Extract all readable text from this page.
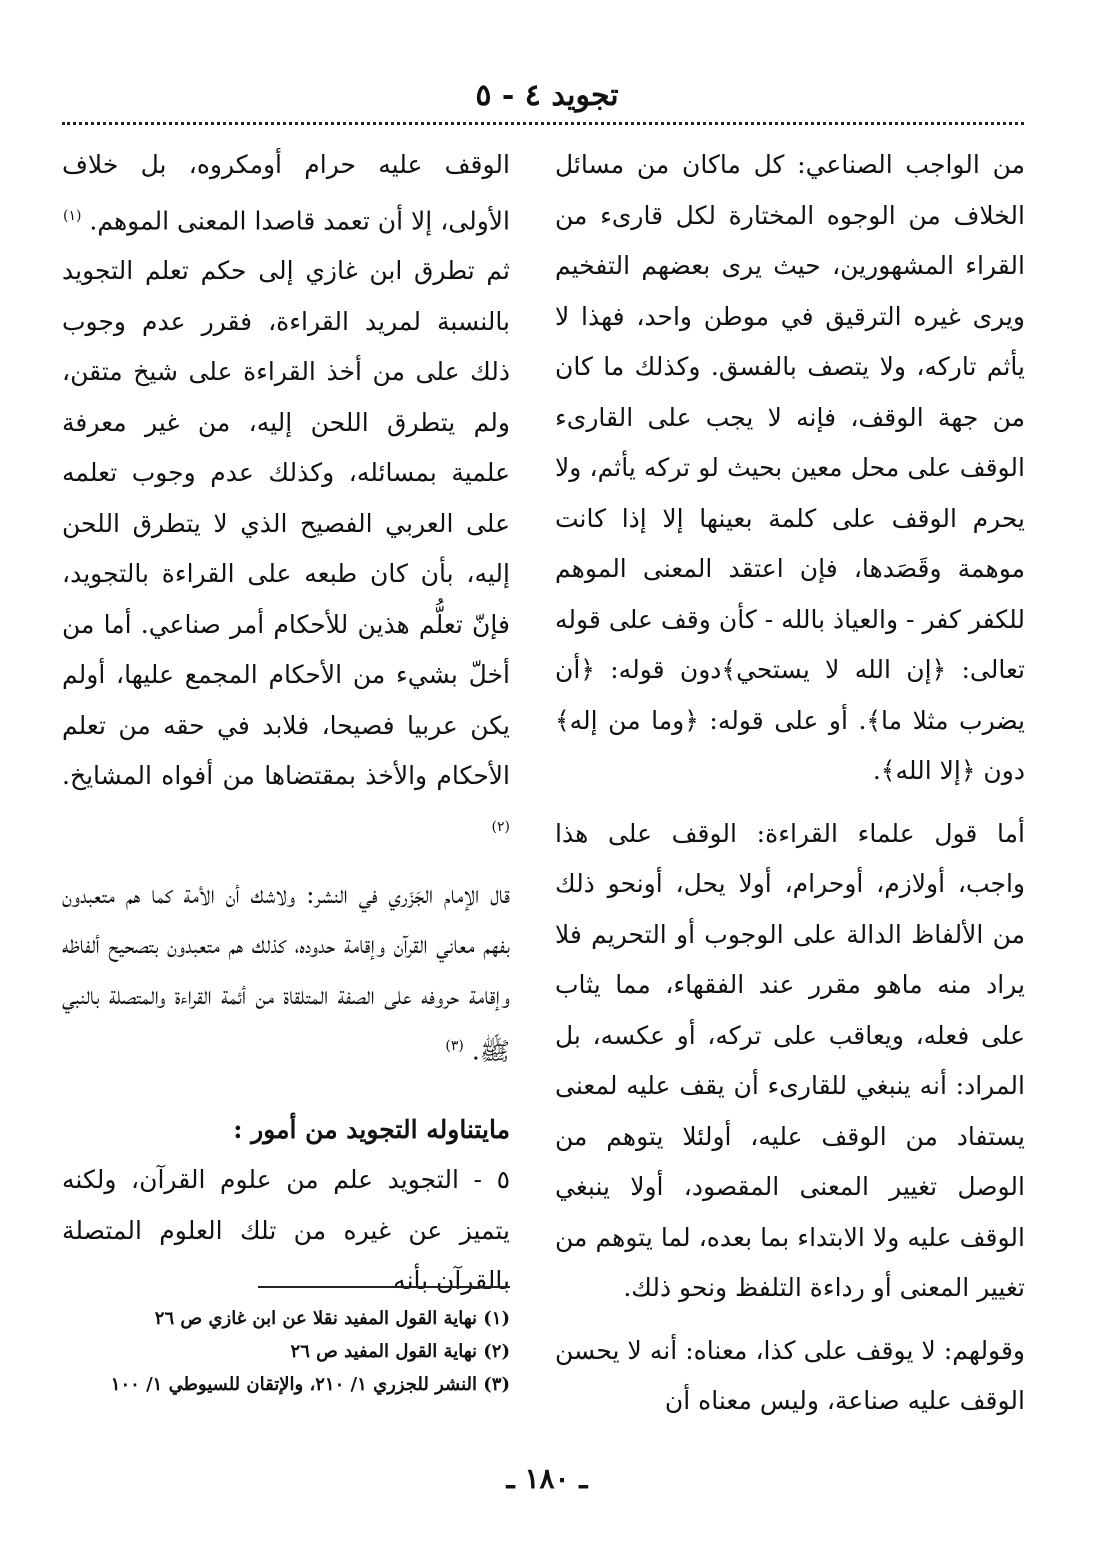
تجويد ٤ - ٥

من الواجب الصناعي: كل ماكان من مسائل الخلاف من الوجوه المختارة لكل قارىء من القراء المشهورين، حيث يرى بعضهم التفخيم ويرى غيره الترقيق في موطن واحد، فهذا لا يأثم تاركه، ولا يتصف بالفسق. وكذلك ما كان من جهة الوقف، فإنه لا يجب على القارىء الوقف على محل معين بحيث لو تركه يأثم، ولا يحرم الوقف على كلمة بعينها إلا إذا كانت موهمة وقَصَدها، فإن اعتقد المعنى الموهم للكفر كفر - والعياذ بالله - كأن وقف على قوله تعالى: ﴿إن الله لا يستحي﴾دون قوله: ﴿أن يضرب مثلا ما﴾. أو على قوله: ﴿وما من إله﴾ دون ﴿إلا الله﴾.

أما قول علماء القراءة: الوقف على هذا واجب، أولازم، أوحرام، أولا يحل، أونحو ذلك من الألفاظ الدالة على الوجوب أو التحريم فلا يراد منه ماهو مقرر عند الفقهاء، مما يثاب على فعله، ويعاقب على تركه، أو عكسه، بل المراد: أنه ينبغي للقارىء أن يقف عليه لمعنى يستفاد من الوقف عليه، أولئلا يتوهم من الوصل تغيير المعنى المقصود، أولا ينبغي الوقف عليه ولا الابتداء بما بعده، لما يتوهم من تغيير المعنى أو رداءة التلفظ ونحو ذلك.

وقولهم: لا يوقف على كذا، معناه: أنه لا يحسن الوقف عليه صناعة، وليس معناه أن

الوقف عليه حرام أومكروه، بل خلاف الأولى، إلا أن تعمد قاصدا المعنى الموهم. $^{(١)}$

ثم تطرق ابن غازي إلى حكم تعلم التجويد بالنسبة لمريد القراءة، فقرر عدم وجوب ذلك على من أخذ القراءة على شيخ متقن، ولم يتطرق اللحن إليه، من غير معرفة علمية بمسائله، وكذلك عدم وجوب تعلمه على العربي الفصيح الذي لا يتطرق اللحن إليه، بأن كان طبعه على القراءة بالتجويد، فإنّ تعلُّم هذين للأحكام أمر صناعي. أما من أخلّ بشيء من الأحكام المجمع عليها، أولم يكن عربيا فصيحا، فلابد في حقه من تعلم الأحكام والأخذ بمقتضاها من أفواه المشايخ. $^{(٢)}$

قال الإمام الجَزَري في النشر: ولاشك أن الأمة كما هم متعبدون بفهم معاني القرآن وإقامة حدوده، كذلك هم متعبدون بتصحيح ألفاظه وإقامة حروفه على الصفة المتلقاة من أئمة القراءة والمتصلة بالنبي ﷺ. $^{(٣)}$

مايتناوله التجويد من أمور :

٥ - التجويد علم من علوم القرآن، ولكنه يتميز عن غيره من تلك العلوم المتصلة بالقرآن بأنه

(١) نهاية القول المفيد نقلا عن ابن غازي ص ٢٦

(٢) نهاية القول المفيد ص ٢٦

(٣) النشر للجزري ١/ ٢١٠، والإتقان للسيوطي ١/ ١٠٠

ـ ١٨٠ ـ
